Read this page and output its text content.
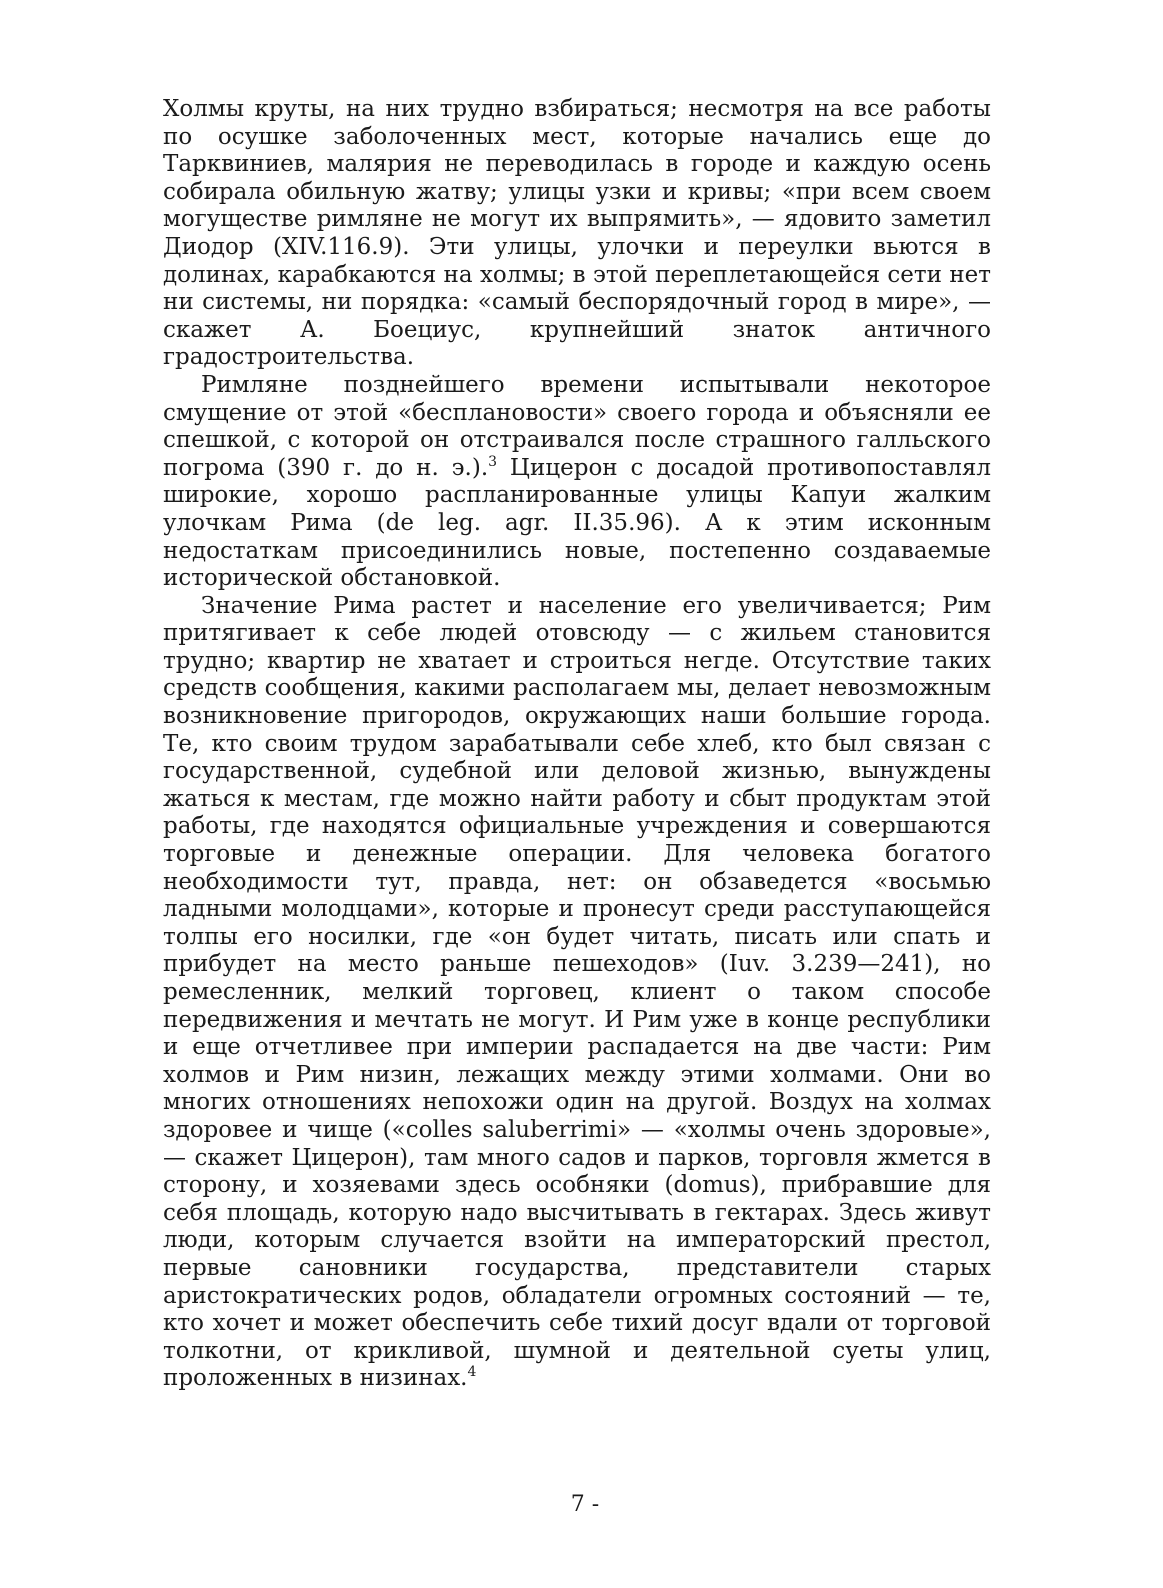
Холмы круты, на них трудно взбираться; несмотря на все работы по осушке заболоченных мест, которые начались еще до Тарквиниев, малярия не переводилась в городе и каждую осень собирала обильную жатву; улицы узки и кривы; «при всем своем могуществе римляне не могут их выпрямить», — ядовито заметил Диодор (XIV.116.9). Эти улицы, улочки и переулки вьются в долинах, карабкаются на холмы; в этой переплетающейся сети нет ни системы, ни порядка: «самый беспорядочный город в мире», — скажет А. Боециус, крупнейший знаток античного градостроительства.

Римляне позднейшего времени испытывали некоторое смущение от этой «беспланoвости» своего города и объясняли ее спешкой, с которой он отстраивался после страшного галльского погрома (390 г. до н. э.).$^3$ Цицерон с досадой противопоставлял широкие, хорошо распланированные улицы Капуи жалким улочкам Рима (de leg. agr. II.35.96). А к этим исконным недостаткам присоединились новые, постепенно создаваемые исторической обстановкой.

Значение Рима растет и население его увеличивается; Рим притягивает к себе людей отовсюду — с жильем становится трудно; квартир не хватает и строиться негде. Отсутствие таких средств сообщения, какими располагаем мы, делает невозможным возникновение пригородов, окружающих наши большие города. Те, кто своим трудом зарабатывали себе хлеб, кто был связан с государственной, судебной или деловой жизнью, вынуждены жаться к местам, где можно найти работу и сбыт продуктам этой работы, где находятся официальные учреждения и совершаются торговые и денежные операции. Для человека богатого необходимости тут, правда, нет: он обзаведется «восьмью ладными молодцами», которые и пронесут среди расступающейся толпы его носилки, где «он будет читать, писать или спать и прибудет на место раньше пешеходов» (Iuv. 3.239—241), но ремесленник, мелкий торговец, клиент о таком способе передвижения и мечтать не могут. И Рим уже в конце республики и еще отчетливее при империи распадается на две части: Рим холмов и Рим низин, лежащих между этими холмами. Они во многих отношениях непохожи один на другой. Воздух на холмах здоровее и чище («colles saluberrimi» — «холмы очень здоровые», — скажет Цицерон), там много садов и парков, торговля жмется в сторону, и хозяевами здесь особняки (domus), прибравшие для себя площадь, которую надо высчитывать в гектарах. Здесь живут люди, которым случается взойти на императорский престол, первые сановники государства, представители старых аристократических родов, обладатели огромных состояний — те, кто хочет и может обеспечить себе тихий досуг вдали от торговой толкотни, от крикливой, шумной и деятельной суеты улиц, проложенных в низинах.$^4$

7 -
